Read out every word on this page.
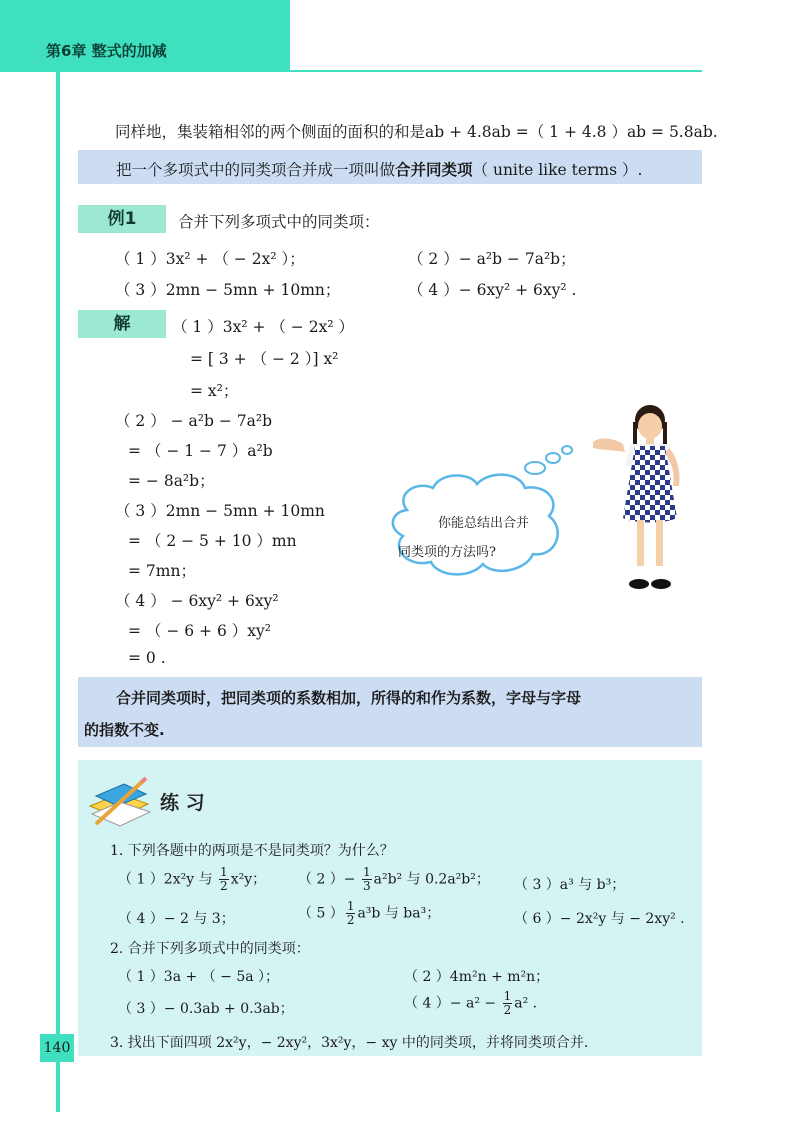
第6章 整式的加减
同样地，集装箱相邻的两个侧面的面积的和是ab + 4.8ab =（ 1 + 4.8 ）ab = 5.8ab.
把一个多项式中的同类项合并成一项叫做合并同类项（ unite like terms ）.
例1	合并下列多项式中的同类项：
（ 1 ）3x² + （ − 2x² ）；	（ 2 ）− a²b − 7a²b；
（ 3 ）2mn − 5mn + 10mn；	（ 4 ）− 6xy² + 6xy² .
解	（ 1 ）3x² + （ − 2x² ）
= [ 3 + （ − 2 ）] x²
= x²；
（ 2 ） − a²b − 7a²b
= （ − 1 − 7 ）a²b
= − 8a²b；
（ 3 ）2mn − 5mn + 10mn
= （ 2 − 5 + 10 ）mn
= 7mn；
（ 4 ） − 6xy² + 6xy²
= （ − 6 + 6 ）xy²
= 0 .
你能总结出合并
同类项的方法吗?
合并同类项时，把同类项的系数相加，所得的和作为系数，字母与字母
的指数不变.
练 习
1. 下列各题中的两项是不是同类项？为什么？
（ 1 ）2x²y 与 $\frac{1}{2} x^2y$； （ 2 ）− $\frac{1}{3} a^2b^2$ 与 0.2a²b²； （ 3 ）a³ 与 b³；
（ 4 ）− 2 与 3；	（ 5 ） $\frac{1}{2} a^3b$ 与 ba³；	（ 6 ）− 2x²y 与 − 2xy² .
2. 合并下列多项式中的同类项：
（ 1 ）3a + （ − 5a ）；	（ 2 ）4m²n + m²n；
（ 3 ）− 0.3ab + 0.3ab；	（ 4 ）− $a^2 - \frac{1}{2} a^2$ .
3. 找出下面四项 2x²y，− 2xy²，3x²y，− xy 中的同类项，并将同类项合并.
140
